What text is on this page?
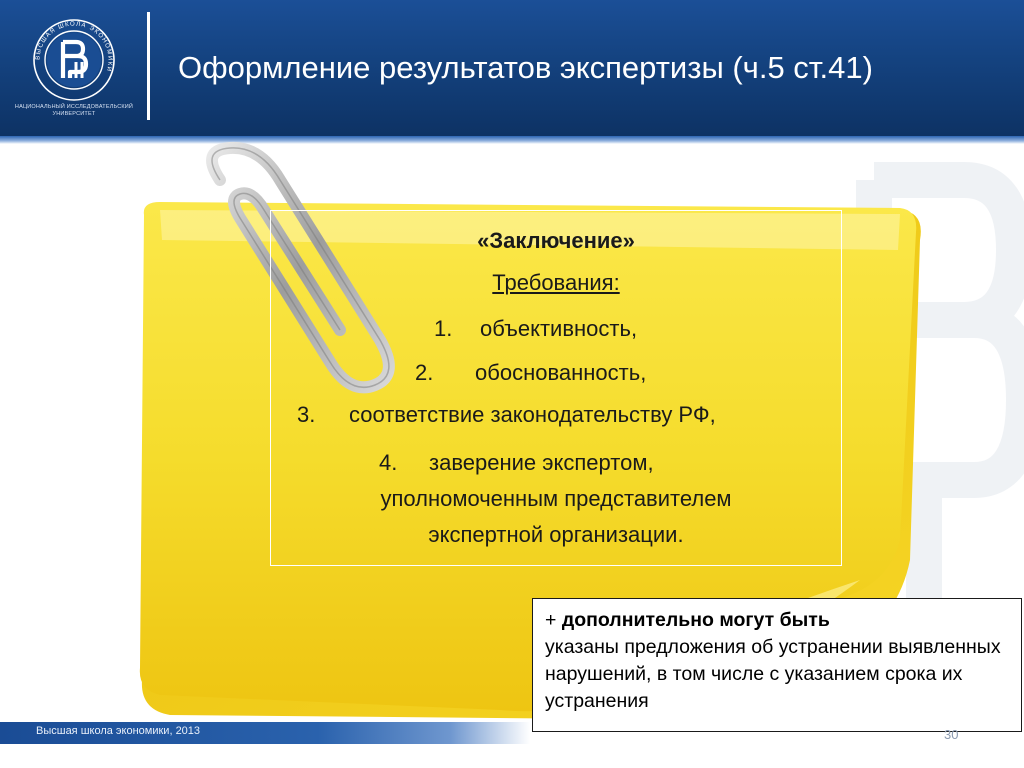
ВЫСШАЯ ШКОЛА ЭКОНОМИКИ
НАЦИОНАЛЬНЫЙ ИССЛЕДОВАТЕЛЬСКИЙ УНИВЕРСИТЕТ
Оформление результатов экспертизы (ч.5 ст.41)
«Заключение»
Требования:
1. объективность,
2. обоснованность,
3. соответствие законодательству РФ,
4. заверение экспертом,
уполномоченным представителем
экспертной организации.
+ дополнительно могут быть
указаны предложения об устранении выявленных нарушений, в том числе с указанием срока их устранения
Высшая школа экономики, 2013	30
